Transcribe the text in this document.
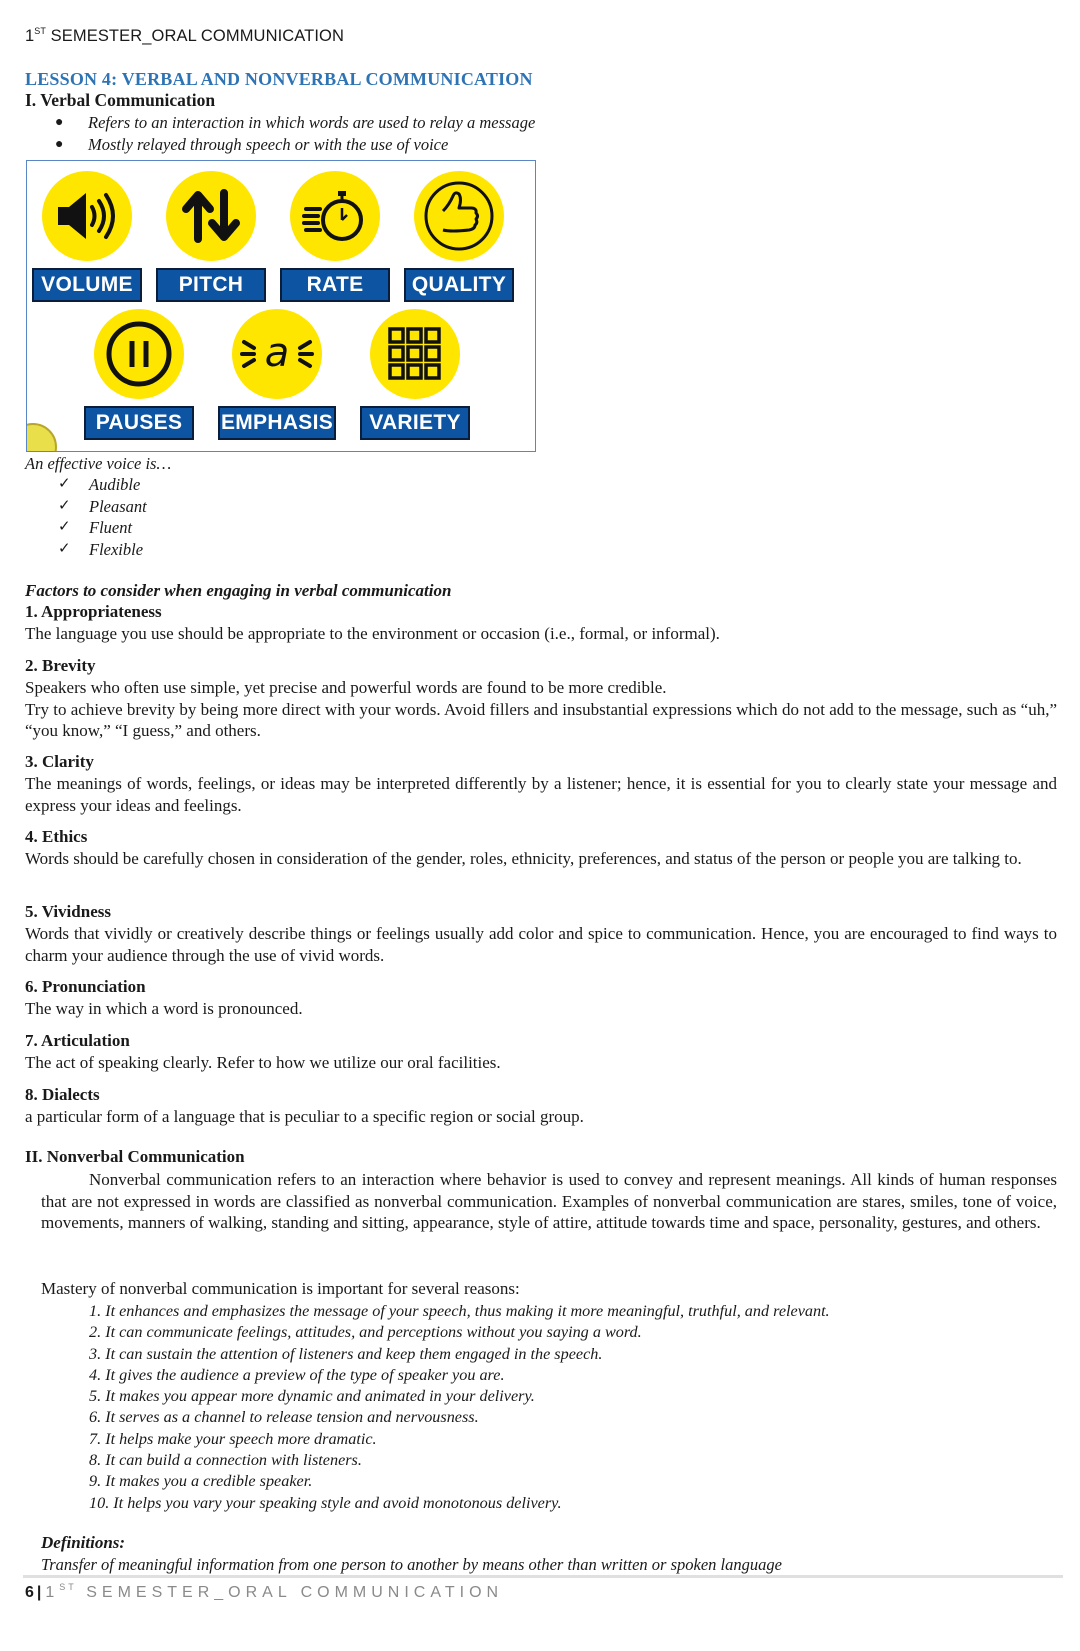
1ST SEMESTER_ORAL COMMUNICATION
LESSON 4: VERBAL AND NONVERBAL COMMUNICATION
I. Verbal Communication
●	Refers to an interaction in which words are used to relay a message
●	Mostly relayed through speech or with the use of voice
VOLUME	PITCH	RATE	QUALITY
PAUSES
a
EMPHASIS	VARIETY
An effective voice is…
✓	Audible
✓	Pleasant
✓	Fluent
✓	Flexible
Factors to consider when engaging in verbal communication
1. Appropriateness

The language you use should be appropriate to the environment or occasion (i.e., formal, or informal).

2. Brevity

Speakers who often use simple, yet precise and powerful words are found to be more credible.

Try to achieve brevity by being more direct with your words. Avoid fillers and insubstantial expressions which do not add to the message, such as “uh,” “you know,” “I guess,” and others.

3. Clarity

The meanings of words, feelings, or ideas may be interpreted differently by a listener; hence, it is essential for you to clearly state your message and express your ideas and feelings.

4. Ethics

Words should be carefully chosen in consideration of the gender, roles, ethnicity, preferences, and status of the person or people you are talking to.

5. Vividness

Words that vividly or creatively describe things or feelings usually add color and spice to communication. Hence, you are encouraged to find ways to charm your audience through the use of vivid words.

6. Pronunciation

The way in which a word is pronounced.

7. Articulation

The act of speaking clearly. Refer to how we utilize our oral facilities.

8. Dialects

a particular form of a language that is peculiar to a specific region or social group.

II. Nonverbal Communication

Nonverbal communication refers to an interaction where behavior is used to convey and represent meanings. All kinds of human responses that are not expressed in words are classified as nonverbal communication. Examples of nonverbal communication are stares, smiles, tone of voice, movements, manners of walking, standing and sitting, appearance, style of attire, attitude towards time and space, personality, gestures, and others.

Mastery of nonverbal communication is important for several reasons:
1. It enhances and emphasizes the message of your speech, thus making it more meaningful, truthful, and relevant.
2. It can communicate feelings, attitudes, and perceptions without you saying a word.
3. It can sustain the attention of listeners and keep them engaged in the speech.
4. It gives the audience a preview of the type of speaker you are.
5. It makes you appear more dynamic and animated in your delivery.
6. It serves as a channel to release tension and nervousness.
7. It helps make your speech more dramatic.
8. It can build a connection with listeners.
9. It makes you a credible speaker.
10. It helps you vary your speaking style and avoid monotonous delivery.
Definitions:
Transfer of meaningful information from one person to another by means other than written or spoken language
6 | 1ST SEMESTER_ORAL COMMUNICATION
